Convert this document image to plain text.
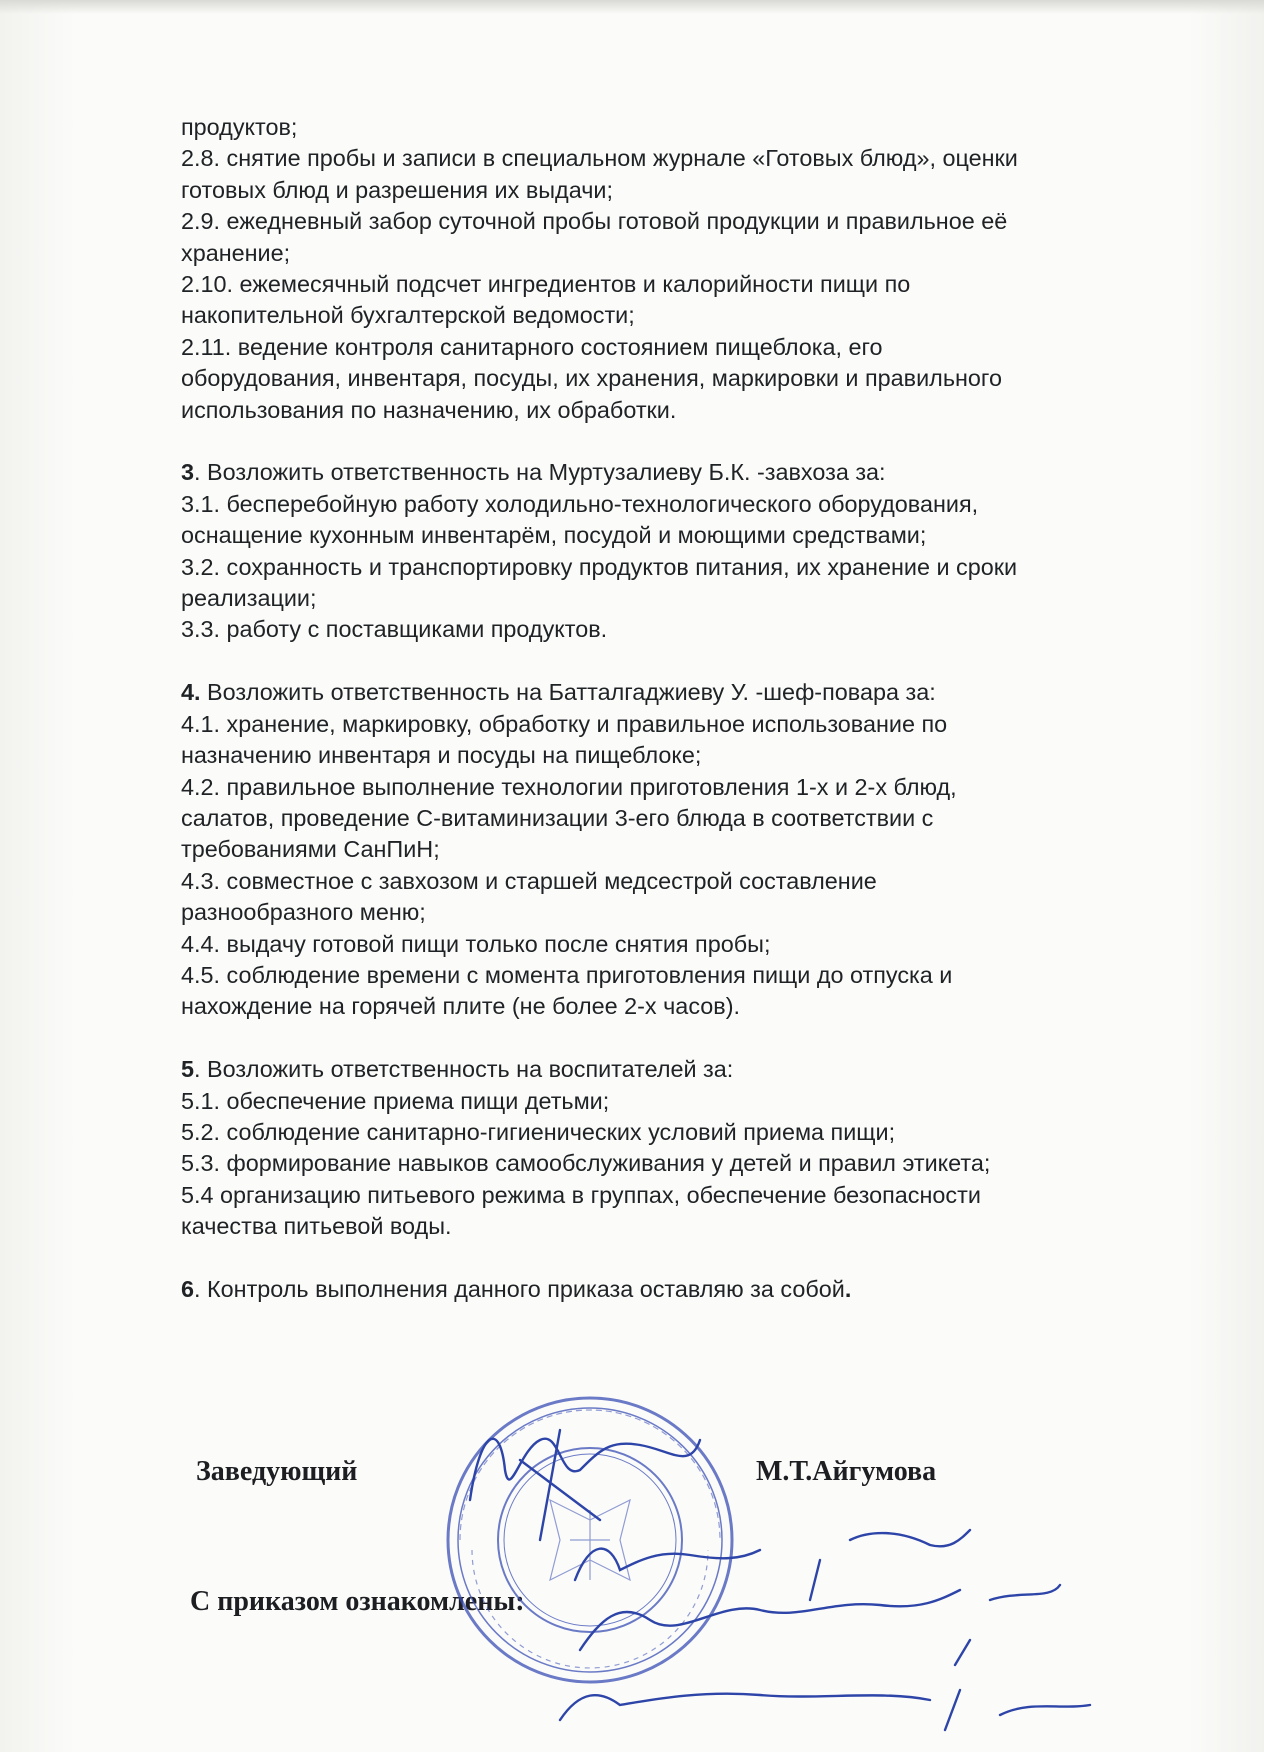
продуктов;
2.8. снятие пробы и записи в специальном журнале «Готовых блюд», оценки
готовых блюд и разрешения их выдачи;
2.9. ежедневный забор суточной пробы готовой продукции и правильное её
хранение;
2.10. ежемесячный подсчет ингредиентов и калорийности пищи по
накопительной бухгалтерской ведомости;
2.11. ведение контроля санитарного состоянием пищеблока, его
оборудования, инвентаря, посуды, их хранения, маркировки и правильного
использования по назначению, их обработки.
3. Возложить ответственность на Муртузалиеву Б.К. -завхоза за:
3.1. бесперебойную работу холодильно-технологического оборудования,
оснащение кухонным инвентарём, посудой и моющими средствами;
3.2. сохранность и транспортировку продуктов питания, их хранение и сроки
реализации;
3.3. работу с поставщиками продуктов.
4. Возложить ответственность на Батталгаджиеву У. -шеф-повара за:
4.1. хранение, маркировку, обработку и правильное использование по
назначению инвентаря и посуды на пищеблоке;
4.2. правильное выполнение технологии приготовления 1-х и 2-х блюд,
салатов, проведение С-витаминизации 3-его блюда в соответствии с
требованиями СанПиН;
4.3. совместное с завхозом и старшей медсестрой составление
разнообразного меню;
4.4. выдачу готовой пищи только после снятия пробы;
4.5. соблюдение времени с момента приготовления пищи до отпуска и
нахождение на горячей плите (не более 2-х часов).
5. Возложить ответственность на воспитателей за:
5.1. обеспечение приема пищи детьми;
5.2. соблюдение санитарно-гигиенических условий приема пищи;
5.3. формирование навыков самообслуживания у детей и правил этикета;
5.4 организацию питьевого режима в группах, обеспечение безопасности
качества питьевой воды.
6. Контроль выполнения данного приказа оставляю за собой.
Заведующий	М.Т.Айгумова
С приказом ознакомлены:
